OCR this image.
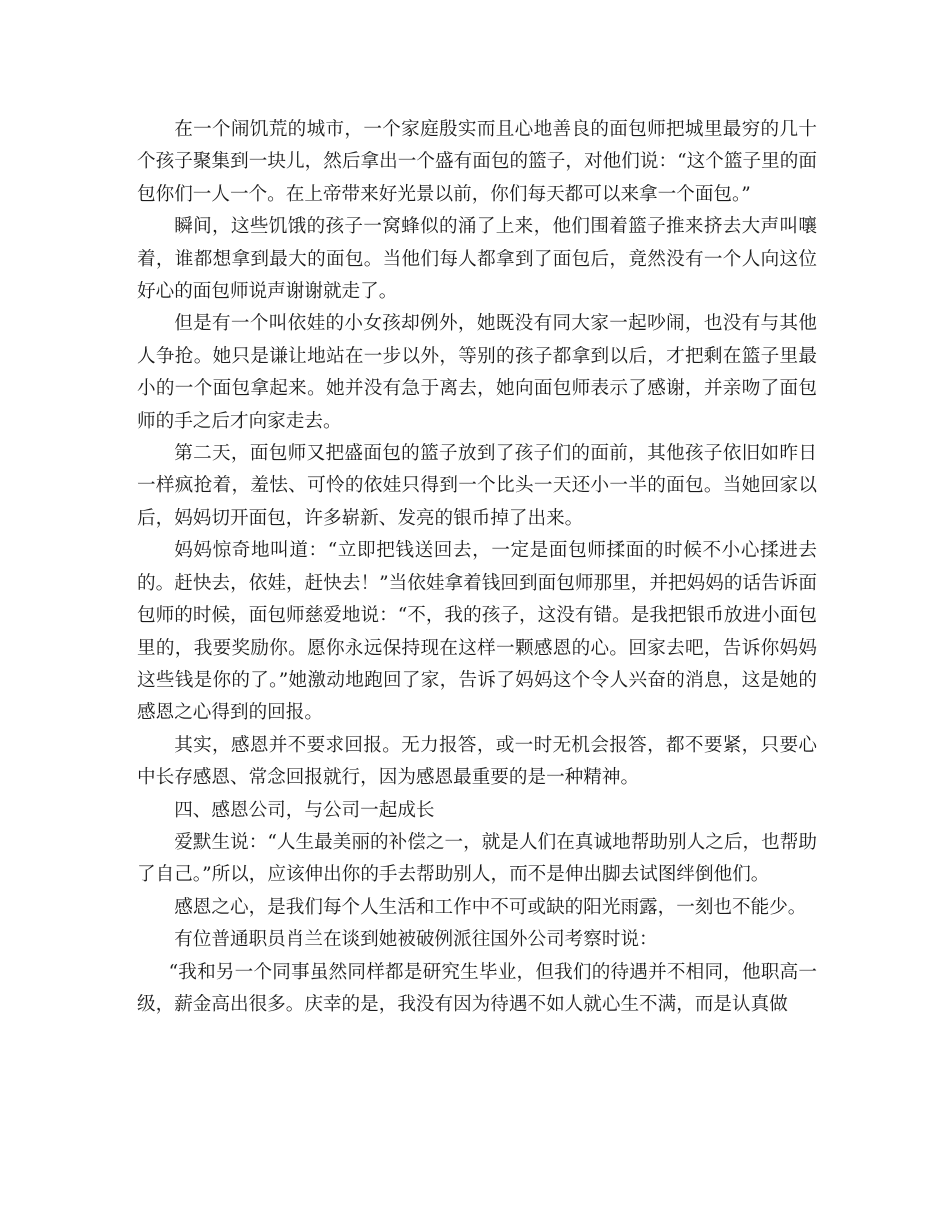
在一个闹饥荒的城市，一个家庭殷实而且心地善良的面包师把城里最穷的几十个孩子聚集到一块儿，然后拿出一个盛有面包的篮子，对他们说：“这个篮子里的面包你们一人一个。在上帝带来好光景以前，你们每天都可以来拿一个面包。”

瞬间，这些饥饿的孩子一窝蜂似的涌了上来，他们围着篮子推来挤去大声叫嚷着，谁都想拿到最大的面包。当他们每人都拿到了面包后，竟然没有一个人向这位好心的面包师说声谢谢就走了。

但是有一个叫依娃的小女孩却例外，她既没有同大家一起吵闹，也没有与其他人争抢。她只是谦让地站在一步以外，等别的孩子都拿到以后，才把剩在篮子里最小的一个面包拿起来。她并没有急于离去，她向面包师表示了感谢，并亲吻了面包师的手之后才向家走去。

第二天，面包师又把盛面包的篮子放到了孩子们的面前，其他孩子依旧如昨日一样疯抢着，羞怯、可怜的依娃只得到一个比头一天还小一半的面包。当她回家以后，妈妈切开面包，许多崭新、发亮的银币掉了出来。

妈妈惊奇地叫道：“立即把钱送回去，一定是面包师揉面的时候不小心揉进去的。赶快去，依娃，赶快去！”当依娃拿着钱回到面包师那里，并把妈妈的话告诉面包师的时候，面包师慈爱地说：“不，我的孩子，这没有错。是我把银币放进小面包里的，我要奖励你。愿你永远保持现在这样一颗感恩的心。回家去吧，告诉你妈妈这些钱是你的了。”她激动地跑回了家，告诉了妈妈这个令人兴奋的消息，这是她的感恩之心得到的回报。

其实，感恩并不要求回报。无力报答，或一时无机会报答，都不要紧，只要心中长存感恩、常念回报就行，因为感恩最重要的是一种精神。

四、感恩公司，与公司一起成长

爱默生说：“人生最美丽的补偿之一，就是人们在真诚地帮助别人之后，也帮助了自己。”所以，应该伸出你的手去帮助别人，而不是伸出脚去试图绊倒他们。

感恩之心，是我们每个人生活和工作中不可或缺的阳光雨露，一刻也不能少。

有位普通职员肖兰在谈到她被破例派往国外公司考察时说：

“我和另一个同事虽然同样都是研究生毕业，但我们的待遇并不相同，他职高一级，薪金高出很多。庆幸的是，我没有因为待遇不如人就心生不满，而是认真做
